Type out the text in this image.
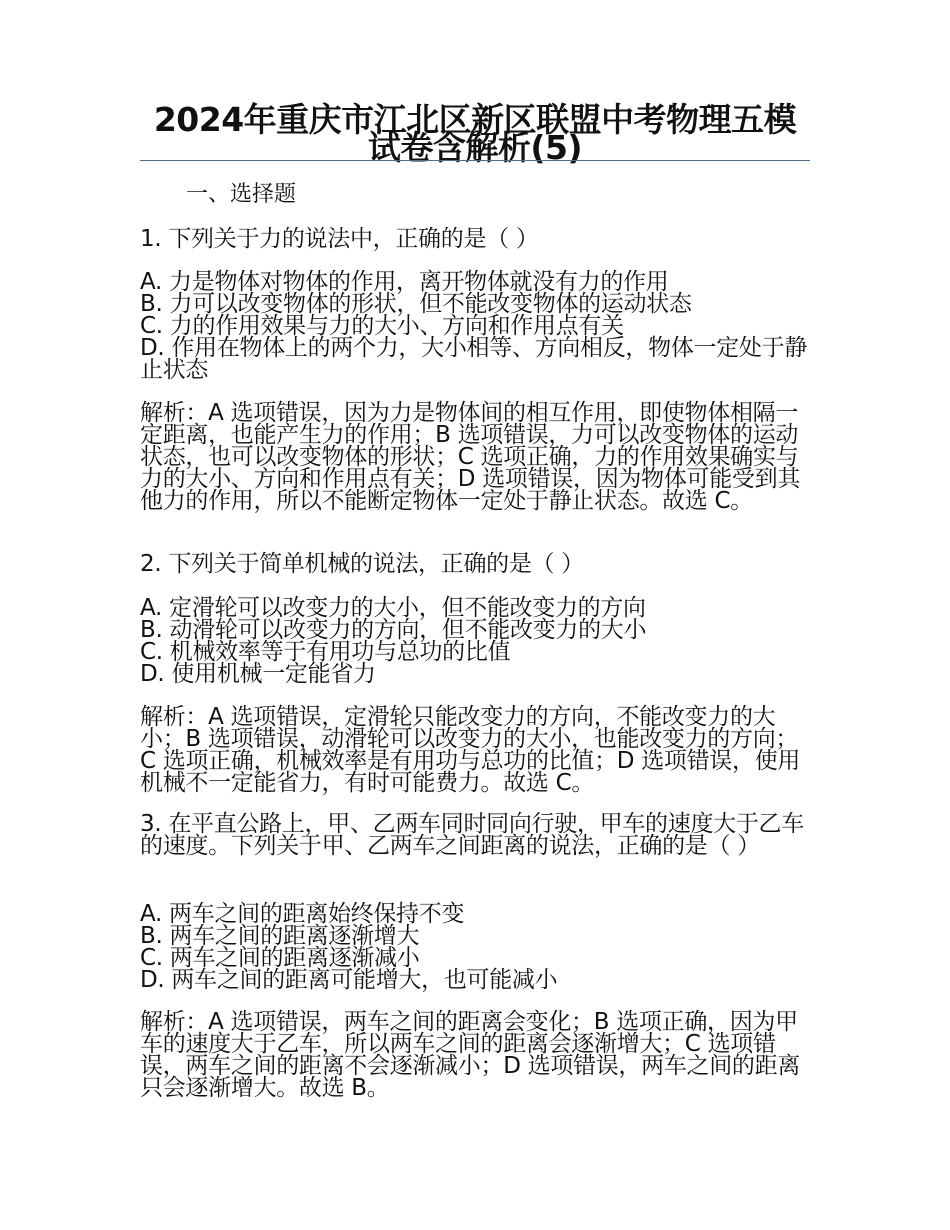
2024年重庆市江北区新区联盟中考物理五模试卷含解析(5)
一、选择题
1. 下列关于力的说法中，正确的是（ ）
A. 力是物体对物体的作用，离开物体就没有力的作用
B. 力可以改变物体的形状，但不能改变物体的运动状态
C. 力的作用效果与力的大小、方向和作用点有关
D. 作用在物体上的两个力，大小相等、方向相反，物体一定处于静止状态
解析：A 选项错误，因为力是物体间的相互作用，即使物体相隔一定距离，也能产生力的作用；B 选项错误，力可以改变物体的运动状态，也可以改变物体的形状；C 选项正确，力的作用效果确实与力的大小、方向和作用点有关；D 选项错误，因为物体可能受到其他力的作用，所以不能断定物体一定处于静止状态。故选 C。
2. 下列关于简单机械的说法，正确的是（ ）
A. 定滑轮可以改变力的大小，但不能改变力的方向
B. 动滑轮可以改变力的方向，但不能改变力的大小
C. 机械效率等于有用功与总功的比值
D. 使用机械一定能省力
解析：A 选项错误，定滑轮只能改变力的方向，不能改变力的大小；B 选项错误，动滑轮可以改变力的大小，也能改变力的方向；C 选项正确，机械效率是有用功与总功的比值；D 选项错误，使用机械不一定能省力，有时可能费力。故选 C。
3. 在平直公路上，甲、乙两车同时同向行驶，甲车的速度大于乙车的速度。下列关于甲、乙两车之间距离的说法，正确的是（ ）
A. 两车之间的距离始终保持不变
B. 两车之间的距离逐渐增大
C. 两车之间的距离逐渐减小
D. 两车之间的距离可能增大，也可能减小
解析：A 选项错误，两车之间的距离会变化；B 选项正确，因为甲车的速度大于乙车，所以两车之间的距离会逐渐增大；C 选项错误，两车之间的距离不会逐渐减小；D 选项错误，两车之间的距离只会逐渐增大。故选 B。
